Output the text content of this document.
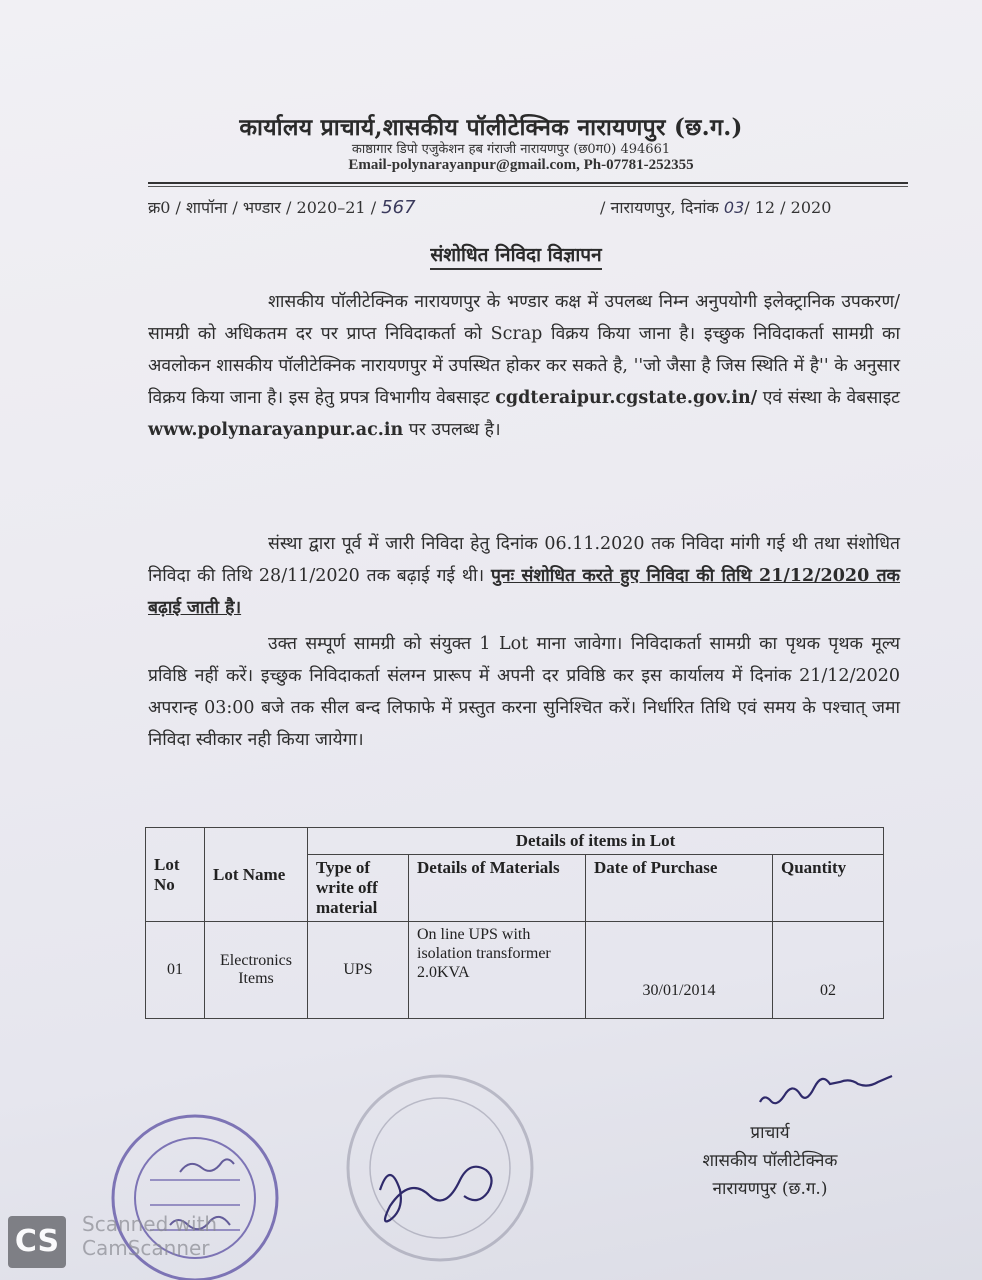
कार्यालय प्राचार्य,शासकीय पॉलीटेक्निक नारायणपुर (छ.ग.)
काष्ठागार डिपो एजुकेशन हब गंराजी नारायणपुर (छ0ग0) 494661
Email-polynarayanpur@gmail.com, Ph-07781-252355
क्र0 / शापॉना / भण्डार / 2020–21 / 567	/ नारायणपुर, दिनांक 03/ 12 / 2020
संशोधित निविदा विज्ञापन
शासकीय पॉलीटेक्निक नारायणपुर के भण्डार कक्ष में उपलब्ध निम्न अनुपयोगी इलेक्ट्रानिक उपकरण/सामग्री को अधिकतम दर पर प्राप्त निविदाकर्ता को Scrap विक्रय किया जाना है। इच्छुक निविदाकर्ता सामग्री का अवलोकन शासकीय पॉलीटेक्निक नारायणपुर में उपस्थित होकर कर सकते है, ''जो जैसा है जिस स्थिति में है'' के अनुसार विक्रय किया जाना है। इस हेतु प्रपत्र विभागीय वेबसाइट cgdteraipur.cgstate.gov.in/ एवं संस्था के वेबसाइट www.polynarayanpur.ac.in पर उपलब्ध है।
संस्था द्वारा पूर्व में जारी निविदा हेतु दिनांक 06.11.2020 तक निविदा मांगी गई थी तथा संशोधित निविदा की तिथि 28/11/2020 तक बढ़ाई गई थी। पुनः संशोधित करते हुए निविदा की तिथि 21/12/2020 तक बढ़ाई जाती है।
उक्त सम्पूर्ण सामग्री को संयुक्त 1 Lot माना जावेगा। निविदाकर्ता सामग्री का पृथक पृथक मूल्य प्रविष्ठि नहीं करें। इच्छुक निविदाकर्ता संलग्न प्रारूप में अपनी दर प्रविष्ठि कर इस कार्यालय में दिनांक 21/12/2020 अपरान्ह 03:00 बजे तक सील बन्द लिफाफे में प्रस्तुत करना सुनिश्चित करें। निर्धारित तिथि एवं समय के पश्चात् जमा निविदा स्वीकार नही किया जायेगा।
Lot No	Lot Name	Details of items in Lot			
		Type of write off material	Details of Materials	Date of Purchase	Quantity
01	Electronics Items	UPS	On line UPS with isolation transformer 2.0KVA	30/01/2014	02
प्राचार्य
शासकीय पॉलीटेक्निक
नारायणपुर (छ.ग.)
CS	Scanned with
CamScanner
